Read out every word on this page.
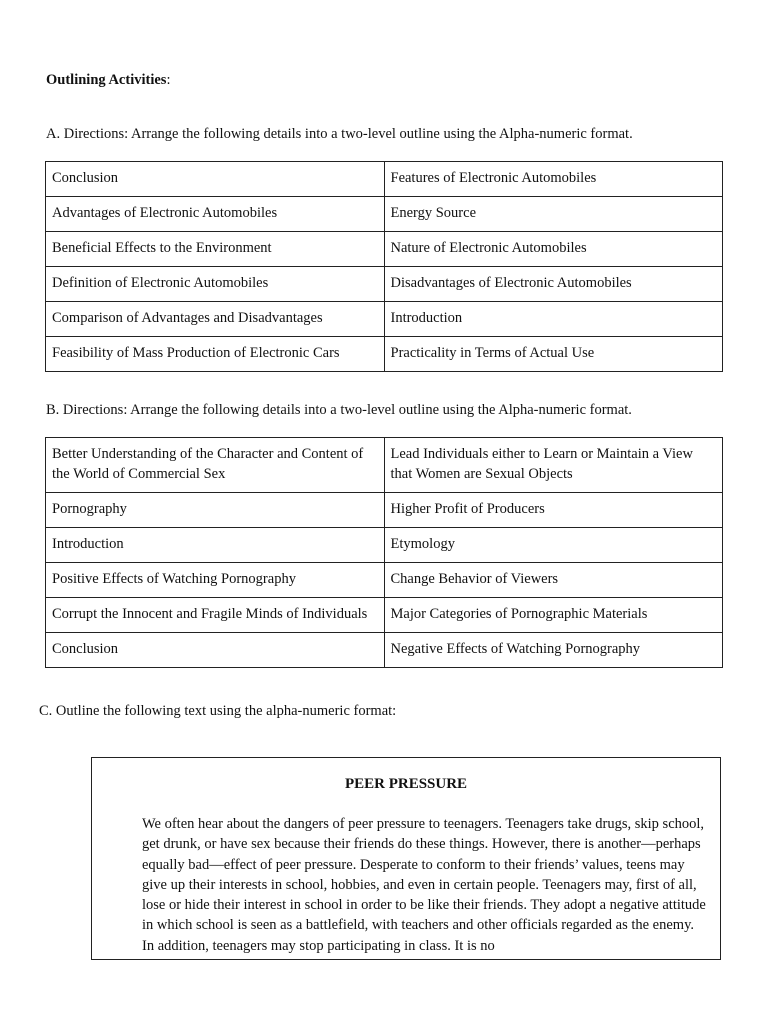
Outlining Activities:
A. Directions: Arrange the following details into a two-level outline using the Alpha-numeric format.
Conclusion	Features of Electronic Automobiles
Advantages of Electronic Automobiles	Energy Source
Beneficial Effects to the Environment	Nature of Electronic Automobiles
Definition of Electronic Automobiles	Disadvantages of Electronic Automobiles
Comparison of Advantages and Disadvantages	Introduction
Feasibility of Mass Production of Electronic Cars	Practicality in Terms of Actual Use
B. Directions: Arrange the following details into a two-level outline using the Alpha-numeric format.
Better Understanding of the Character and Content of the World of Commercial Sex	Lead Individuals either to Learn or Maintain a View that Women are Sexual Objects
Pornography	Higher Profit of Producers
Introduction	Etymology
Positive Effects of Watching Pornography	Change Behavior of Viewers
Corrupt the Innocent and Fragile Minds of Individuals	Major Categories of Pornographic Materials
Conclusion	Negative Effects of Watching Pornography
C. Outline the following text using the alpha-numeric format:
PEER PRESSURE
We often hear about the dangers of peer pressure to teenagers. Teenagers take drugs, skip school, get drunk, or have sex because their friends do these things. However, there is another—perhaps equally bad—effect of peer pressure. Desperate to conform to their friends’ values, teens may give up their interests in school, hobbies, and even in certain people. Teenagers may, first of all, lose or hide their interest in school in order to be like their friends. They adopt a negative attitude in which school is seen as a battlefield, with teachers and other officials regarded as the enemy. In addition, teenagers may stop participating in class. It is no
